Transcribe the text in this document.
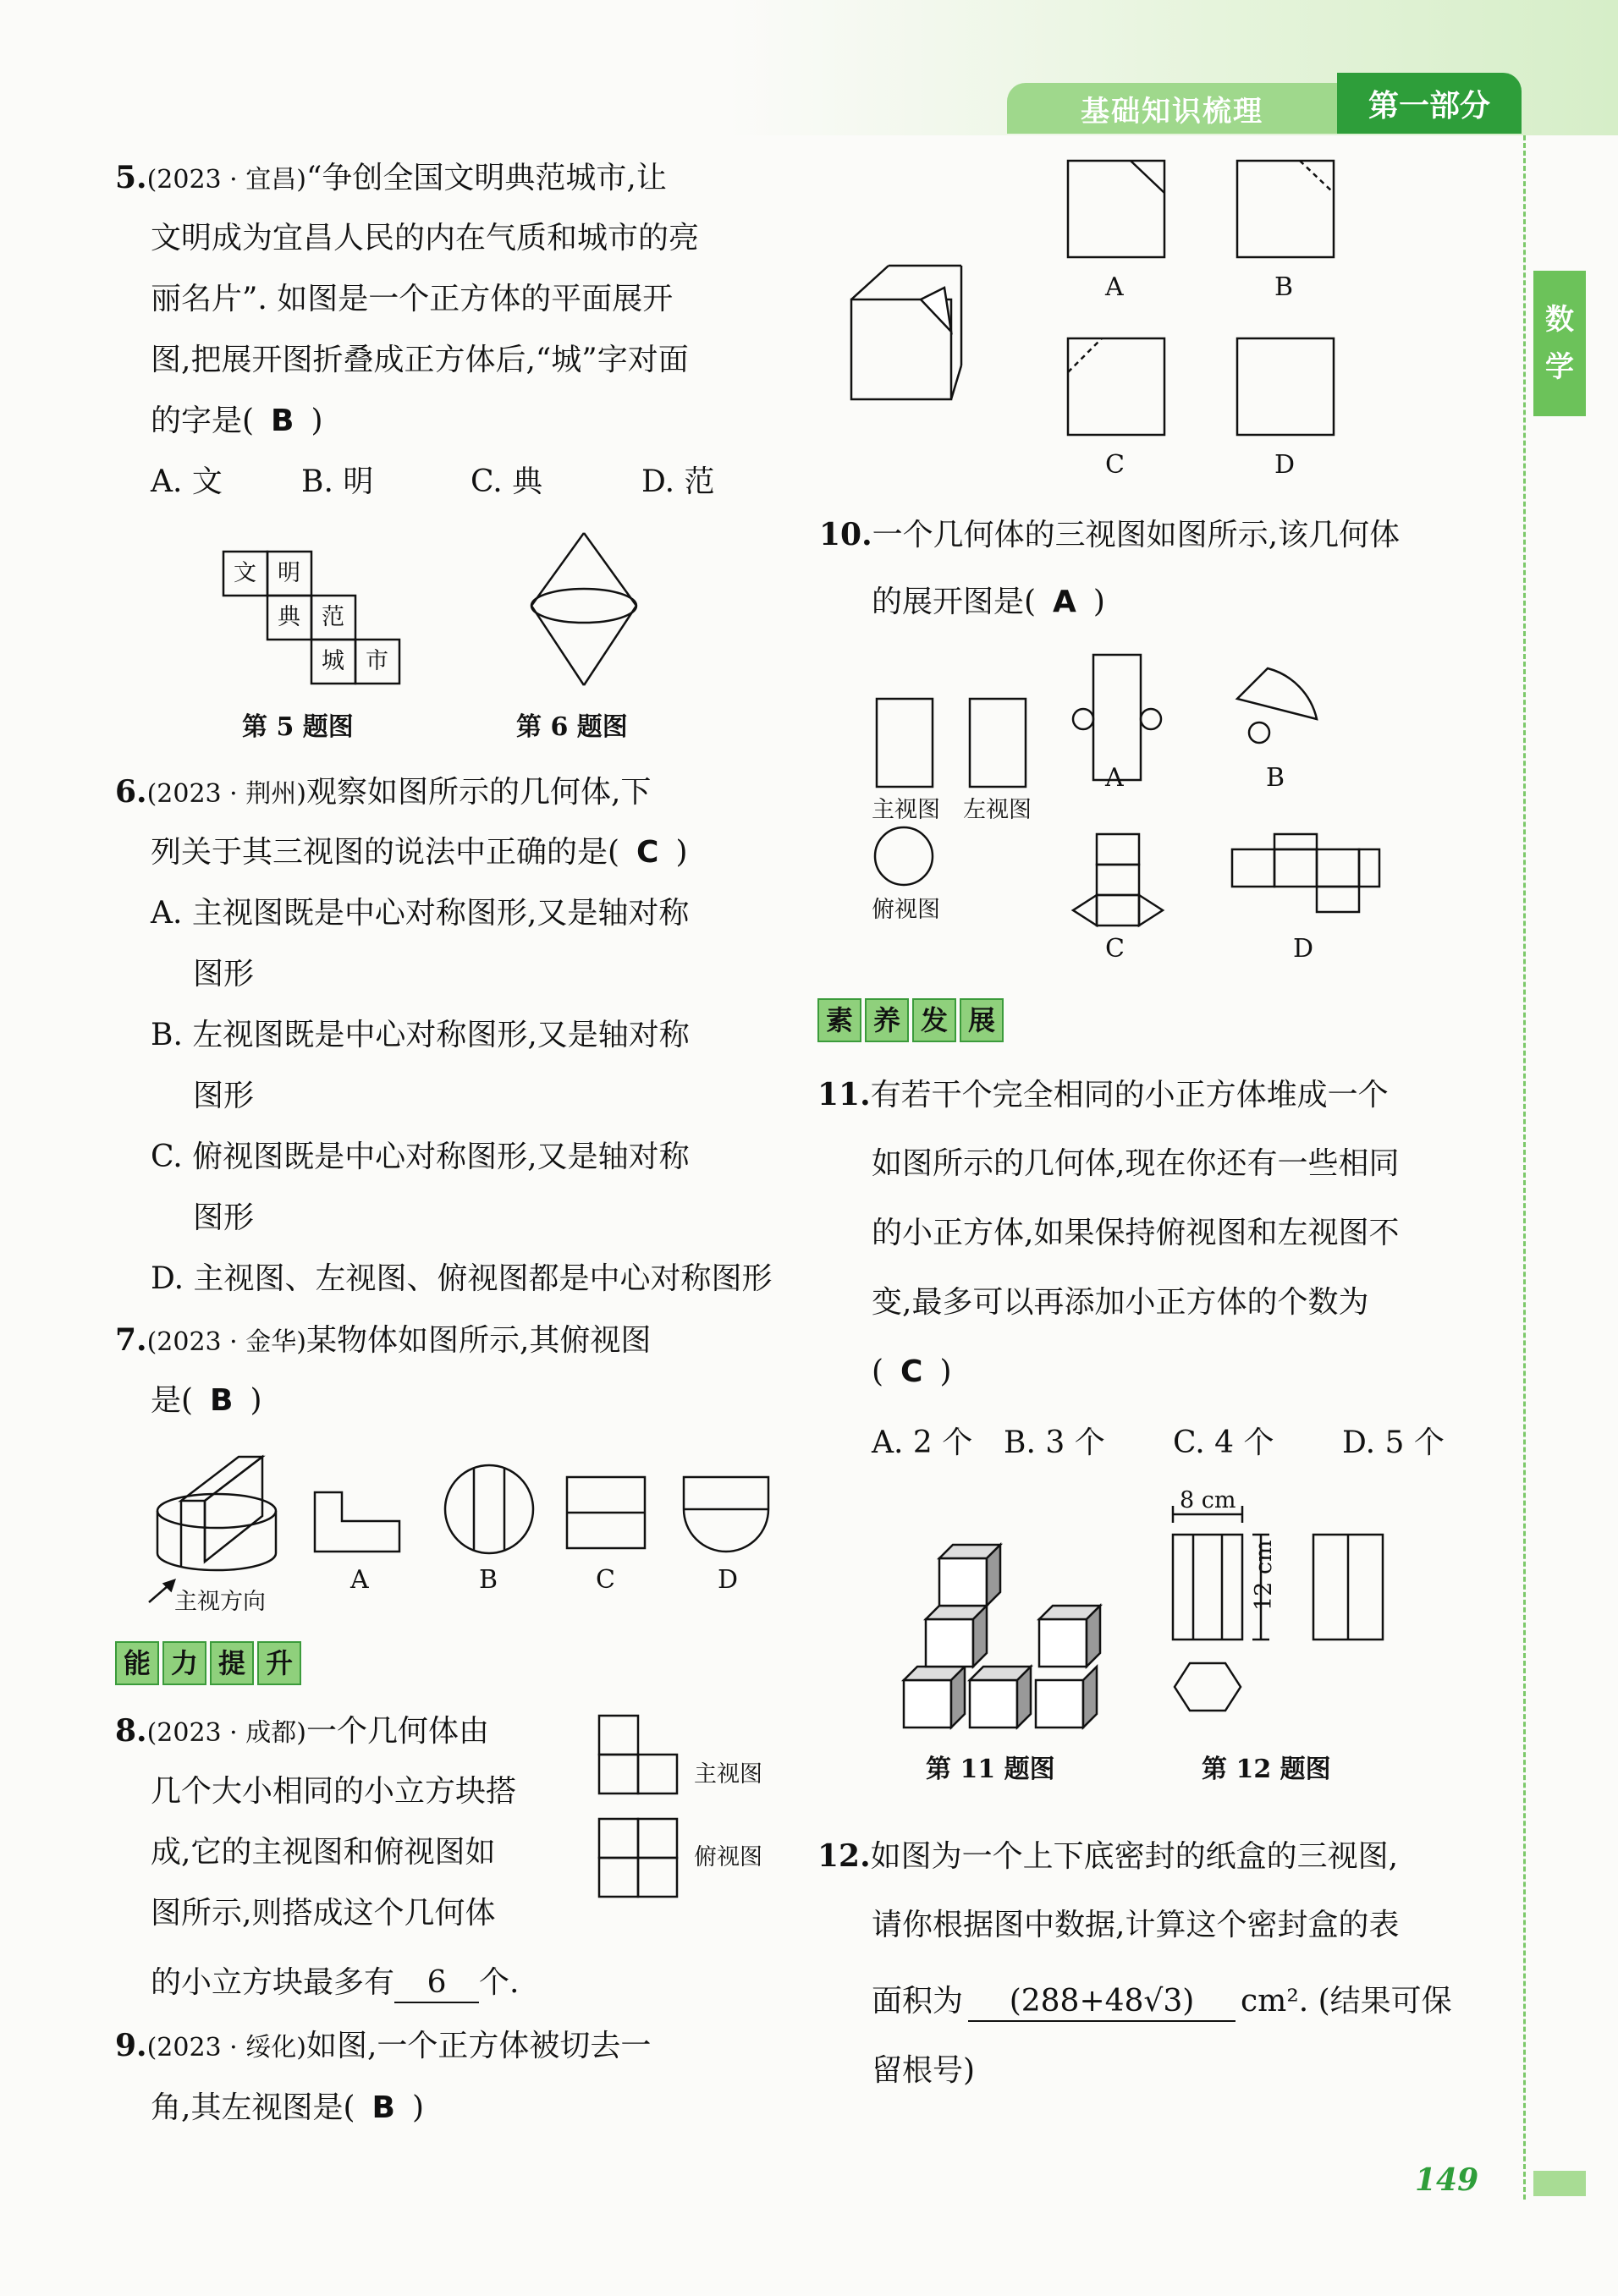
基础知识梳理	第一部分
数
学
149
5.(2023 · 宜昌)“争创全国文明典范城市,让
文明成为宜昌人民的内在气质和城市的亮
丽名片”. 如图是一个正方体的平面展开
图,把展开图折叠成正方体后,“城”字对面
的字是( B )
A. 文	B. 明	C. 典	D. 范
文 明
典 范
城 市
第 5 题图	第 6 题图
6.(2023 · 荆州)观察如图所示的几何体,下
列关于其三视图的说法中正确的是( C )
A. 主视图既是中心对称图形,又是轴对称
图形
B. 左视图既是中心对称图形,又是轴对称
图形
C. 俯视图既是中心对称图形,又是轴对称
图形
D. 主视图、左视图、俯视图都是中心对称图形
7.(2023 · 金华)某物体如图所示,其俯视图
是( B )
主视方向
A	B	C	D
能 力 提 升
8.(2023 · 成都)一个几何体由
几个大小相同的小立方块搭
成,它的主视图和俯视图如
图所示,则搭成这个几何体
的小立方块最多有 6 个.
主视图
俯视图
9.(2023 · 绥化)如图,一个正方体被切去一
角,其左视图是( B )
A	B
C	D
10.一个几何体的三视图如图所示,该几何体
的展开图是( A )
主视图 左视图
俯视图
A	B
C	D
素 养 发 展
11.有若干个完全相同的小正方体堆成一个
如图所示的几何体,现在你还有一些相同
的小正方体,如果保持俯视图和左视图不
变,最多可以再添加小正方体的个数为
( C )
A. 2 个 B. 3 个 C. 4 个 D. 5 个
第 11 题图
8 cm
12 cm
第 12 题图
12.如图为一个上下底密封的纸盒的三视图,
请你根据图中数据,计算这个密封盒的表
面积为 (288+48√3) cm². (结果可保
留根号)
